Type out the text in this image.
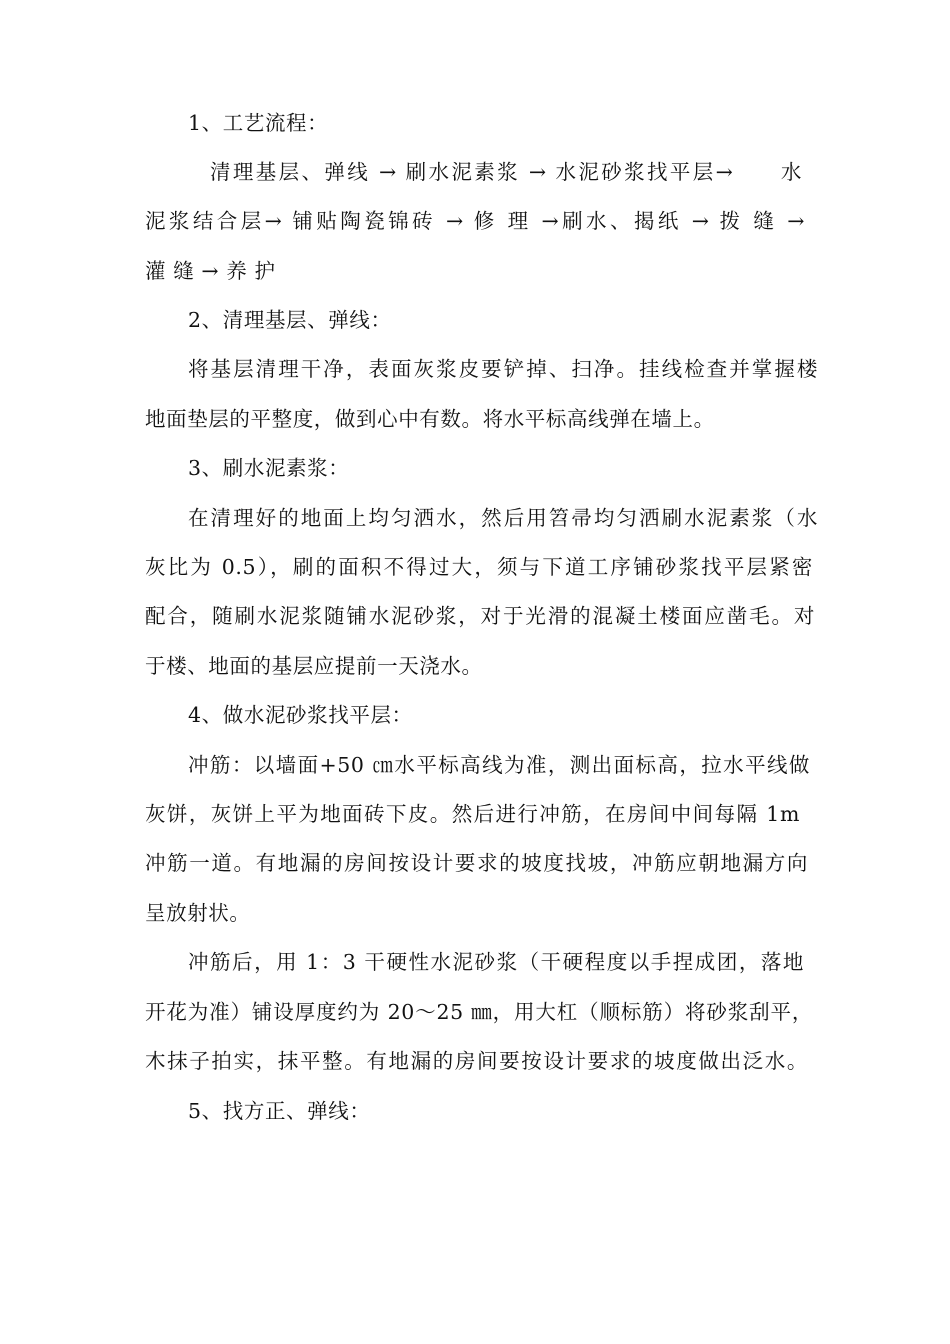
1、工艺流程：
清理基层、弹线 → 刷水泥素浆 → 水泥砂浆找平层→　　水
泥浆结合层→ 铺贴陶瓷锦砖 → 修 理 →刷水、揭纸 → 拨 缝 →
灌 缝 → 养 护
2、清理基层、弹线：
将基层清理干净，表面灰浆皮要铲掉、扫净。挂线检查并掌握楼
地面垫层的平整度，做到心中有数。将水平标高线弹在墙上。
3、刷水泥素浆：
在清理好的地面上均匀洒水，然后用笤帚均匀洒刷水泥素浆（水
灰比为 0.5），刷的面积不得过大，须与下道工序铺砂浆找平层紧密
配合，随刷水泥浆随铺水泥砂浆，对于光滑的混凝土楼面应凿毛。对
于楼、地面的基层应提前一天浇水。
4、做水泥砂浆找平层：
冲筋：以墙面+50 ㎝水平标高线为准，测出面标高，拉水平线做
灰饼，灰饼上平为地面砖下皮。然后进行冲筋，在房间中间每隔 1m
冲筋一道。有地漏的房间按设计要求的坡度找坡，冲筋应朝地漏方向
呈放射状。
冲筋后，用 1：3 干硬性水泥砂浆（干硬程度以手捏成团，落地
开花为准）铺设厚度约为 20～25 ㎜，用大杠（顺标筋）将砂浆刮平，
木抹子拍实，抹平整。有地漏的房间要按设计要求的坡度做出泛水。
5、找方正、弹线：
